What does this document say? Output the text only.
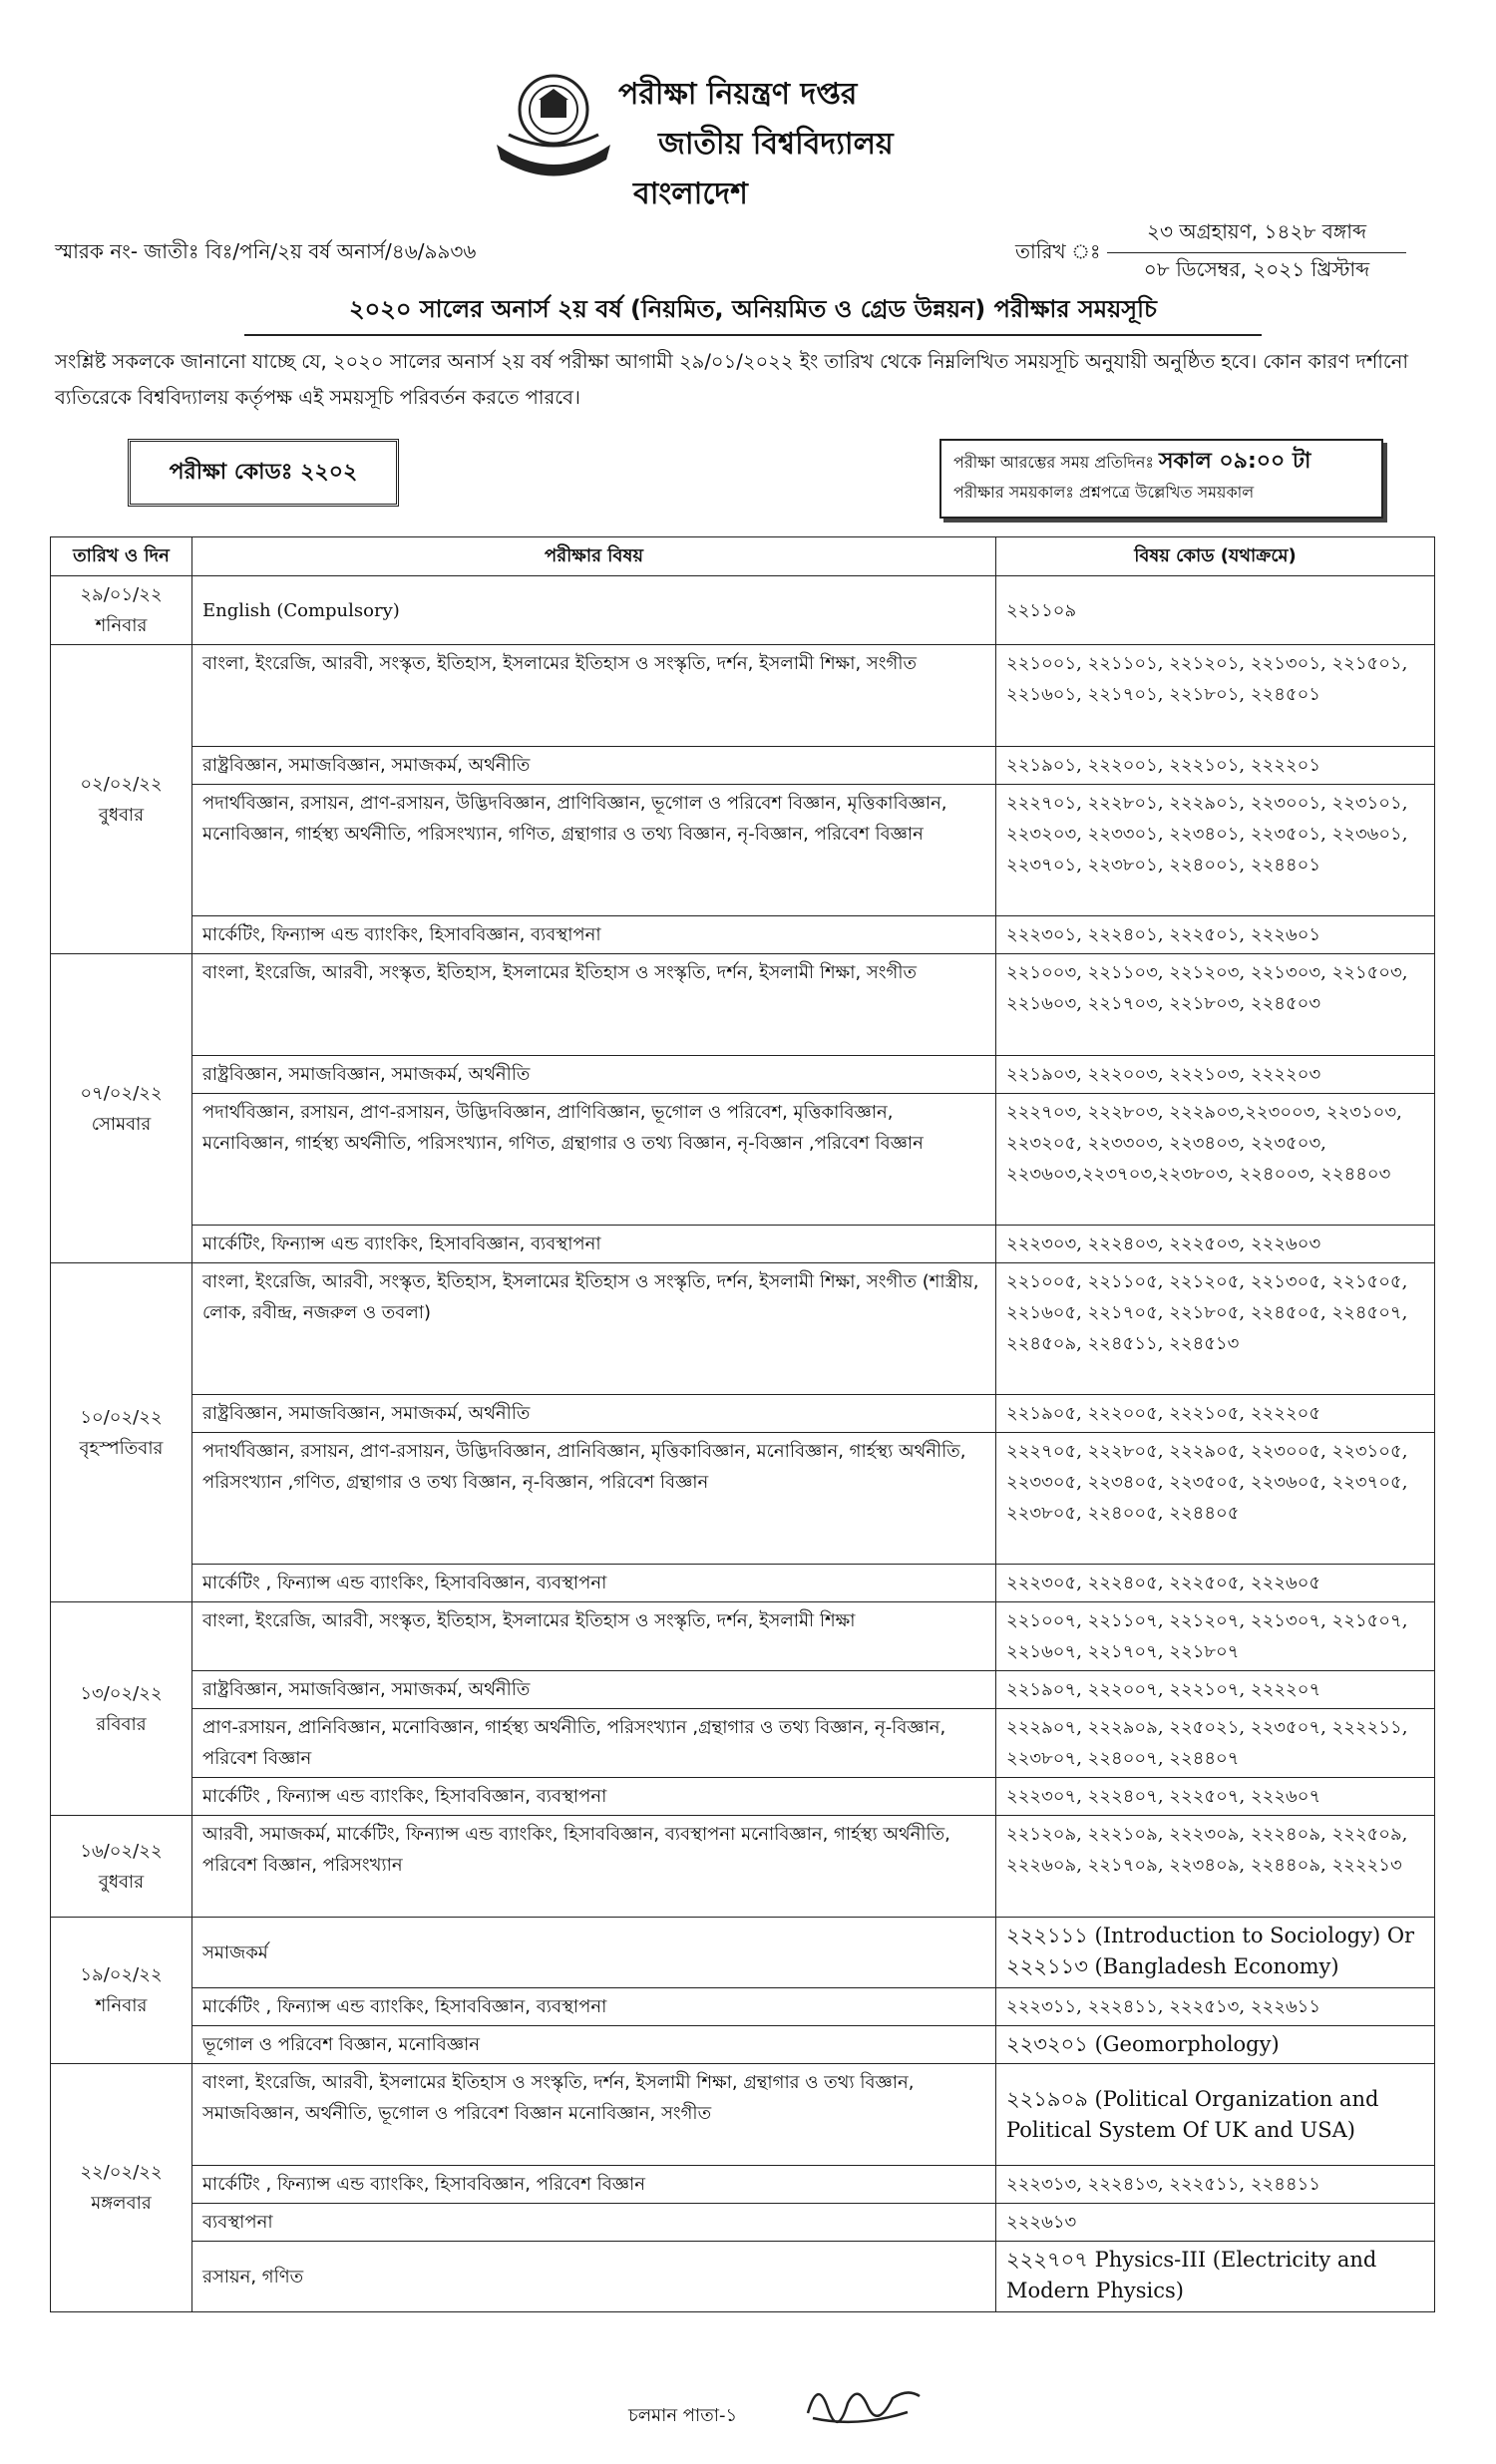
পরীক্ষা নিয়ন্ত্রণ দপ্তর
জাতীয় বিশ্ববিদ্যালয়
বাংলাদেশ
স্মারক নং- জাতীঃ বিঃ/পনি/২য় বর্ষ অনার্স/৪৬/৯৯৩৬	তারিখ ঃ
২৩ অগ্রহায়ণ, ১৪২৮ বঙ্গাব্দ
০৮ ডিসেম্বর, ২০২১ খ্রিস্টাব্দ
২০২০ সালের অনার্স ২য় বর্ষ (নিয়মিত, অনিয়মিত ও গ্রেড উন্নয়ন) পরীক্ষার সময়সূচি
সংশ্লিষ্ট সকলকে জানানো যাচ্ছে যে, ২০২০ সালের অনার্স ২য় বর্ষ পরীক্ষা আগামী ২৯/০১/২০২২ ইং তারিখ থেকে নিম্নলিখিত সময়সূচি অনুযায়ী অনুষ্ঠিত হবে। কোন কারণ দর্শানো ব্যতিরেকে বিশ্ববিদ্যালয় কর্তৃপক্ষ এই সময়সূচি পরিবর্তন করতে পারবে।
পরীক্ষা কোডঃ ২২০২	পরীক্ষা আরম্ভের সময় প্রতিদিনঃ সকাল ০৯:০০ টা
পরীক্ষার সময়কালঃ প্রশ্নপত্রে উল্লেখিত সময়কাল
তারিখ ও দিন	পরীক্ষার বিষয়	বিষয় কোড (যথাক্রমে)

২৯/০১/২২
শনিবার	English (Compulsory)	২২১১০৯

০২/০২/২২
বুধবার	বাংলা, ইংরেজি, আরবী, সংস্কৃত, ইতিহাস, ইসলামের ইতিহাস ও সংস্কৃতি, দর্শন, ইসলামী শিক্ষা, সংগীত	২২১০০১, ২২১১০১, ২২১২০১, ২২১৩০১, ২২১৫০১, ২২১৬০১, ২২১৭০১, ২২১৮০১, ২২৪৫০১
	রাষ্ট্রবিজ্ঞান, সমাজবিজ্ঞান, সমাজকর্ম, অর্থনীতি	২২১৯০১, ২২২০০১, ২২২১০১, ২২২২০১
	পদার্থবিজ্ঞান, রসায়ন, প্রাণ-রসায়ন, উদ্ভিদবিজ্ঞান, প্রাণিবিজ্ঞান, ভূগোল ও পরিবেশ বিজ্ঞান, মৃত্তিকাবিজ্ঞান, মনোবিজ্ঞান, গার্হস্থ্য অর্থনীতি, পরিসংখ্যান, গণিত, গ্রন্থাগার ও তথ্য বিজ্ঞান, নৃ-বিজ্ঞান, পরিবেশ বিজ্ঞান	২২২৭০১, ২২২৮০১, ২২২৯০১, ২২৩০০১, ২২৩১০১, ২২৩২০৩, ২২৩৩০১, ২২৩৪০১, ২২৩৫০১, ২২৩৬০১, ২২৩৭০১, ২২৩৮০১, ২২৪০০১, ২২৪৪০১
	মার্কেটিং, ফিন্যান্স এন্ড ব্যাংকিং, হিসাববিজ্ঞান, ব্যবস্থাপনা	২২২৩০১, ২২২৪০১, ২২২৫০১, ২২২৬০১

০৭/০২/২২
সোমবার	বাংলা, ইংরেজি, আরবী, সংস্কৃত, ইতিহাস, ইসলামের ইতিহাস ও সংস্কৃতি, দর্শন, ইসলামী শিক্ষা, সংগীত	২২১০০৩, ২২১১০৩, ২২১২০৩, ২২১৩০৩, ২২১৫০৩, ২২১৬০৩, ২২১৭০৩, ২২১৮০৩, ২২৪৫০৩
	রাষ্ট্রবিজ্ঞান, সমাজবিজ্ঞান, সমাজকর্ম, অর্থনীতি	২২১৯০৩, ২২২০০৩, ২২২১০৩, ২২২২০৩
	পদার্থবিজ্ঞান, রসায়ন, প্রাণ-রসায়ন, উদ্ভিদবিজ্ঞান, প্রাণিবিজ্ঞান, ভূগোল ও পরিবেশ, মৃত্তিকাবিজ্ঞান, মনোবিজ্ঞান, গার্হস্থ্য অর্থনীতি, পরিসংখ্যান, গণিত, গ্রন্থাগার ও তথ্য বিজ্ঞান, নৃ-বিজ্ঞান ,পরিবেশ বিজ্ঞান	২২২৭০৩, ২২২৮০৩, ২২২৯০৩,২২৩০০৩, ২২৩১০৩, ২২৩২০৫, ২২৩৩০৩, ২২৩৪০৩, ২২৩৫০৩, ২২৩৬০৩,২২৩৭০৩,২২৩৮০৩, ২২৪০০৩, ২২৪৪০৩
	মার্কেটিং, ফিন্যান্স এন্ড ব্যাংকিং, হিসাববিজ্ঞান, ব্যবস্থাপনা	২২২৩০৩, ২২২৪০৩, ২২২৫০৩, ২২২৬০৩

১০/০২/২২
বৃহস্পতিবার	বাংলা, ইংরেজি, আরবী, সংস্কৃত, ইতিহাস, ইসলামের ইতিহাস ও সংস্কৃতি, দর্শন, ইসলামী শিক্ষা, সংগীত (শাস্ত্রীয়, লোক, রবীন্দ্র, নজরুল ও তবলা)	২২১০০৫, ২২১১০৫, ২২১২০৫, ২২১৩০৫, ২২১৫০৫, ২২১৬০৫, ২২১৭০৫, ২২১৮০৫, ২২৪৫০৫, ২২৪৫০৭, ২২৪৫০৯, ২২৪৫১১, ২২৪৫১৩
	রাষ্ট্রবিজ্ঞান, সমাজবিজ্ঞান, সমাজকর্ম, অর্থনীতি	২২১৯০৫, ২২২০০৫, ২২২১০৫, ২২২২০৫
	পদার্থবিজ্ঞান, রসায়ন, প্রাণ-রসায়ন, উদ্ভিদবিজ্ঞান, প্রানিবিজ্ঞান, মৃত্তিকাবিজ্ঞান, মনোবিজ্ঞান, গার্হস্থ্য অর্থনীতি, পরিসংখ্যান ,গণিত, গ্রন্থাগার ও তথ্য বিজ্ঞান, নৃ-বিজ্ঞান, পরিবেশ বিজ্ঞান	২২২৭০৫, ২২২৮০৫, ২২২৯০৫, ২২৩০০৫, ২২৩১০৫, ২২৩৩০৫, ২২৩৪০৫, ২২৩৫০৫, ২২৩৬০৫, ২২৩৭০৫, ২২৩৮০৫, ২২৪০০৫, ২২৪৪০৫
	মার্কেটিং , ফিন্যান্স এন্ড ব্যাংকিং, হিসাববিজ্ঞান, ব্যবস্থাপনা	২২২৩০৫, ২২২৪০৫, ২২২৫০৫, ২২২৬০৫

১৩/০২/২২
রবিবার	বাংলা, ইংরেজি, আরবী, সংস্কৃত, ইতিহাস, ইসলামের ইতিহাস ও সংস্কৃতি, দর্শন, ইসলামী শিক্ষা	২২১০০৭, ২২১১০৭, ২২১২০৭, ২২১৩০৭, ২২১৫০৭, ২২১৬০৭, ২২১৭০৭, ২২১৮০৭
	রাষ্ট্রবিজ্ঞান, সমাজবিজ্ঞান, সমাজকর্ম, অর্থনীতি	২২১৯০৭, ২২২০০৭, ২২২১০৭, ২২২২০৭
	প্রাণ-রসায়ন, প্রানিবিজ্ঞান, মনোবিজ্ঞান, গার্হস্থ্য অর্থনীতি, পরিসংখ্যান ,গ্রন্থাগার ও তথ্য বিজ্ঞান, নৃ-বিজ্ঞান, পরিবেশ বিজ্ঞান	২২২৯০৭, ২২২৯০৯, ২২৫০২১, ২২৩৫০৭, ২২২২১১, ২২৩৮০৭, ২২৪০০৭, ২২৪৪০৭
	মার্কেটিং , ফিন্যান্স এন্ড ব্যাংকিং, হিসাববিজ্ঞান, ব্যবস্থাপনা	২২২৩০৭, ২২২৪০৭, ২২২৫০৭, ২২২৬০৭

১৬/০২/২২
বুধবার	আরবী, সমাজকর্ম, মার্কেটিং, ফিন্যান্স এন্ড ব্যাংকিং, হিসাববিজ্ঞান, ব্যবস্থাপনা মনোবিজ্ঞান, গার্হস্থ্য অর্থনীতি, পরিবেশ বিজ্ঞান, পরিসংখ্যান	২২১২০৯, ২২২১০৯, ২২২৩০৯, ২২২৪০৯, ২২২৫০৯, ২২২৬০৯, ২২১৭০৯, ২২৩৪০৯, ২২৪৪০৯, ২২২২১৩

১৯/০২/২২
শনিবার	সমাজকর্ম	২২২১১১ (Introduction to Sociology) Or ২২২১১৩ (Bangladesh Economy)
	মার্কেটিং , ফিন্যান্স এন্ড ব্যাংকিং, হিসাববিজ্ঞান, ব্যবস্থাপনা	২২২৩১১, ২২২৪১১, ২২২৫১৩, ২২২৬১১
	ভূগোল ও পরিবেশ বিজ্ঞান, মনোবিজ্ঞান	২২৩২০১ (Geomorphology)

২২/০২/২২
মঙ্গলবার	বাংলা, ইংরেজি, আরবী, ইসলামের ইতিহাস ও সংস্কৃতি, দর্শন, ইসলামী শিক্ষা, গ্রন্থাগার ও তথ্য বিজ্ঞান, সমাজবিজ্ঞান, অর্থনীতি, ভূগোল ও পরিবেশ বিজ্ঞান মনোবিজ্ঞান, সংগীত	২২১৯০৯ (Political Organization and Political System Of UK and USA)
	মার্কেটিং , ফিন্যান্স এন্ড ব্যাংকিং, হিসাববিজ্ঞান, পরিবেশ বিজ্ঞান	২২২৩১৩, ২২২৪১৩, ২২২৫১১, ২২৪৪১১
	ব্যবস্থাপনা	২২২৬১৩
	রসায়ন, গণিত	২২২৭০৭ Physics-III (Electricity and Modern Physics)
চলমান পাতা-১
